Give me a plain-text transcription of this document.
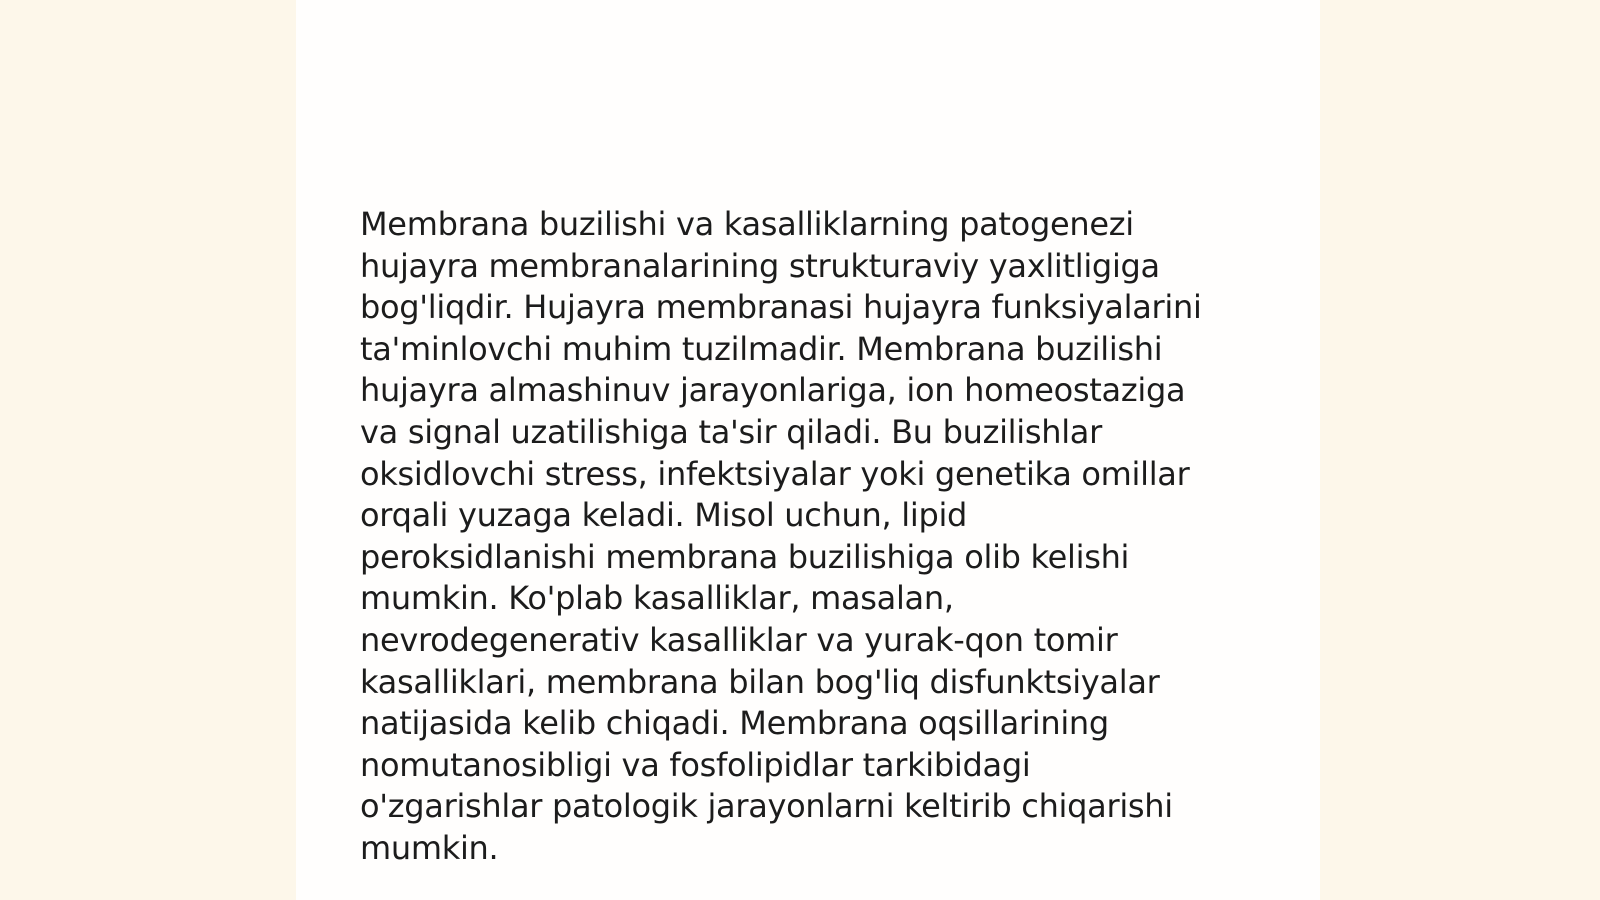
Membrana buzilishi va kasalliklarning patogenezi
hujayra membranalarining strukturaviy yaxlitligiga
bog'liqdir. Hujayra membranasi hujayra funksiyalarini
ta'minlovchi muhim tuzilmadir. Membrana buzilishi
hujayra almashinuv jarayonlariga, ion homeostaziga
va signal uzatilishiga ta'sir qiladi. Bu buzilishlar
oksidlovchi stress, infektsiyalar yoki genetika omillar
orqali yuzaga keladi. Misol uchun, lipid
peroksidlanishi membrana buzilishiga olib kelishi
mumkin. Ko'plab kasalliklar, masalan,
nevrodegenerativ kasalliklar va yurak-qon tomir
kasalliklari, membrana bilan bog'liq disfunktsiyalar
natijasida kelib chiqadi. Membrana oqsillarining
nomutanosibligi va fosfolipidlar tarkibidagi
o'zgarishlar patologik jarayonlarni keltirib chiqarishi
mumkin.
